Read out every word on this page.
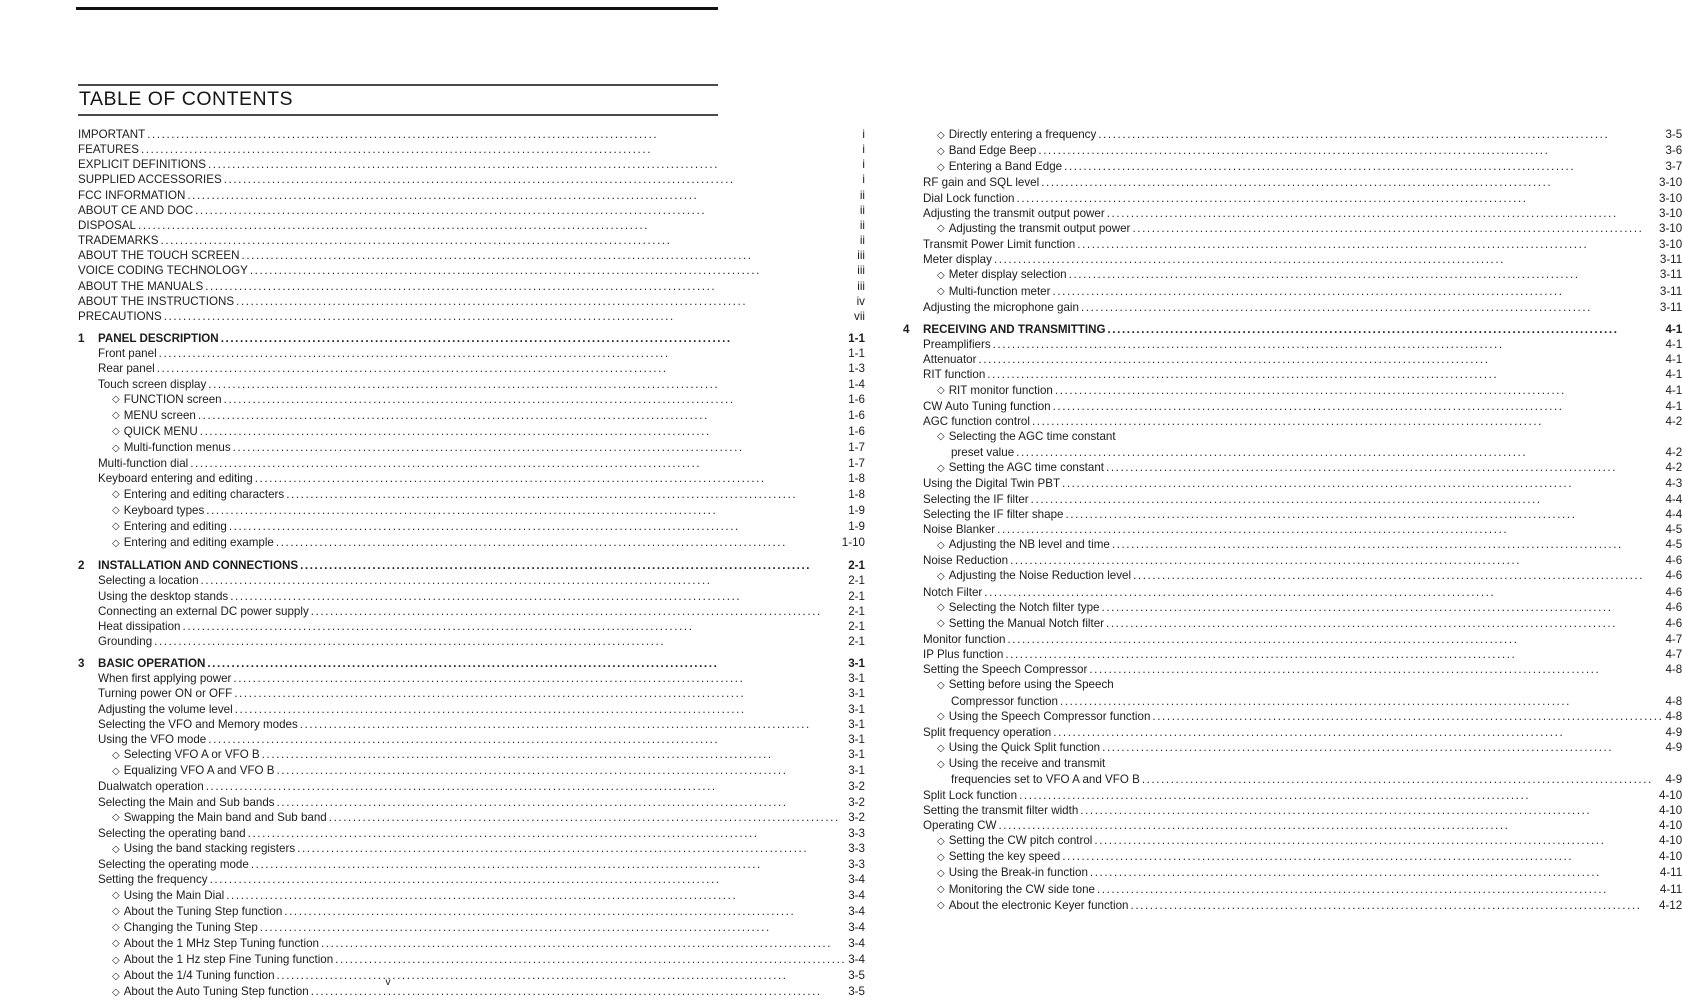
TABLE OF CONTENTS
IMPORTANT .....	i
FEATURES .....	i
EXPLICIT DEFINITIONS .....	i
SUPPLIED ACCESSORIES .....	i
FCC INFORMATION .....	ii
ABOUT CE AND DOC .....	ii
DISPOSAL .....	ii
TRADEMARKS .....	ii
ABOUT THE TOUCH SCREEN .....	iii
VOICE CODING TECHNOLOGY .....	iii
ABOUT THE MANUALS .....	iii
ABOUT THE INSTRUCTIONS .....	iv
PRECAUTIONS .....	vii
1	PANEL DESCRIPTION .....	1-1
Front panel .....	1-1
Rear panel .....	1-3
Touch screen display .....	1-4
◇ FUNCTION screen .....	1-6
◇ MENU screen .....	1-6
◇ QUICK MENU .....	1-6
◇ Multi-function menus .....	1-7
Multi-function dial .....	1-7
Keyboard entering and editing .....	1-8
◇ Entering and editing characters .....	1-8
◇ Keyboard types .....	1-9
◇ Entering and editing .....	1-9
◇ Entering and editing example .....	1-10
2	INSTALLATION AND CONNECTIONS .....	2-1
Selecting a location .....	2-1
Using the desktop stands .....	2-1
Connecting an external DC power supply .....	2-1
Heat dissipation .....	2-1
Grounding .....	2-1
3	BASIC OPERATION .....	3-1
When first applying power .....	3-1
Turning power ON or OFF .....	3-1
Adjusting the volume level .....	3-1
Selecting the VFO and Memory modes .....	3-1
Using the VFO mode .....	3-1
◇ Selecting VFO A or VFO B .....	3-1
◇ Equalizing VFO A and VFO B .....	3-1
Dualwatch operation .....	3-2
Selecting the Main and Sub bands .....	3-2
◇ Swapping the Main band and Sub band .....	3-2
Selecting the operating band .....	3-3
◇ Using the band stacking registers .....	3-3
Selecting the operating mode .....	3-3
Setting the frequency .....	3-4
◇ Using the Main Dial .....	3-4
◇ About the Tuning Step function .....	3-4
◇ Changing the Tuning Step .....	3-4
◇ About the 1 MHz Step Tuning function .....	3-4
◇ About the 1 Hz step Fine Tuning function .....	3-4
◇ About the 1/4 Tuning function .....	3-5
◇ About the Auto Tuning Step function .....	3-5
◇ Directly entering a frequency .....	3-5
◇ Band Edge Beep .....	3-6
◇ Entering a Band Edge .....	3-7
RF gain and SQL level .....	3-10
Dial Lock function .....	3-10
Adjusting the transmit output power .....	3-10
◇ Adjusting the transmit output power .....	3-10
Transmit Power Limit function .....	3-10
Meter display .....	3-11
◇ Meter display selection .....	3-11
◇ Multi-function meter .....	3-11
Adjusting the microphone gain .....	3-11
4	RECEIVING AND TRANSMITTING .....	4-1
Preamplifiers .....	4-1
Attenuator .....	4-1
RIT function .....	4-1
◇ RIT monitor function .....	4-1
CW Auto Tuning function .....	4-1
AGC function control .....	4-2
◇ Selecting the AGC time constant
preset value .....	4-2
◇ Setting the AGC time constant .....	4-2
Using the Digital Twin PBT .....	4-3
Selecting the IF filter .....	4-4
Selecting the IF filter shape .....	4-4
Noise Blanker .....	4-5
◇ Adjusting the NB level and time .....	4-5
Noise Reduction .....	4-6
◇ Adjusting the Noise Reduction level .....	4-6
Notch Filter .....	4-6
◇ Selecting the Notch filter type .....	4-6
◇ Setting the Manual Notch filter .....	4-6
Monitor function .....	4-7
IP Plus function .....	4-7
Setting the Speech Compressor .....	4-8
◇ Setting before using the Speech
Compressor function .....	4-8
◇ Using the Speech Compressor function .....	4-8
Split frequency operation .....	4-9
◇ Using the Quick Split function .....	4-9
◇ Using the receive and transmit
frequencies set to VFO A and VFO B .....	4-9
Split Lock function .....	4-10
Setting the transmit filter width .....	4-10
Operating CW .....	4-10
◇ Setting the CW pitch control .....	4-10
◇ Setting the key speed .....	4-10
◇ Using the Break-in function .....	4-11
◇ Monitoring the CW side tone .....	4-11
◇ About the electronic Keyer function .....	4-12
v
